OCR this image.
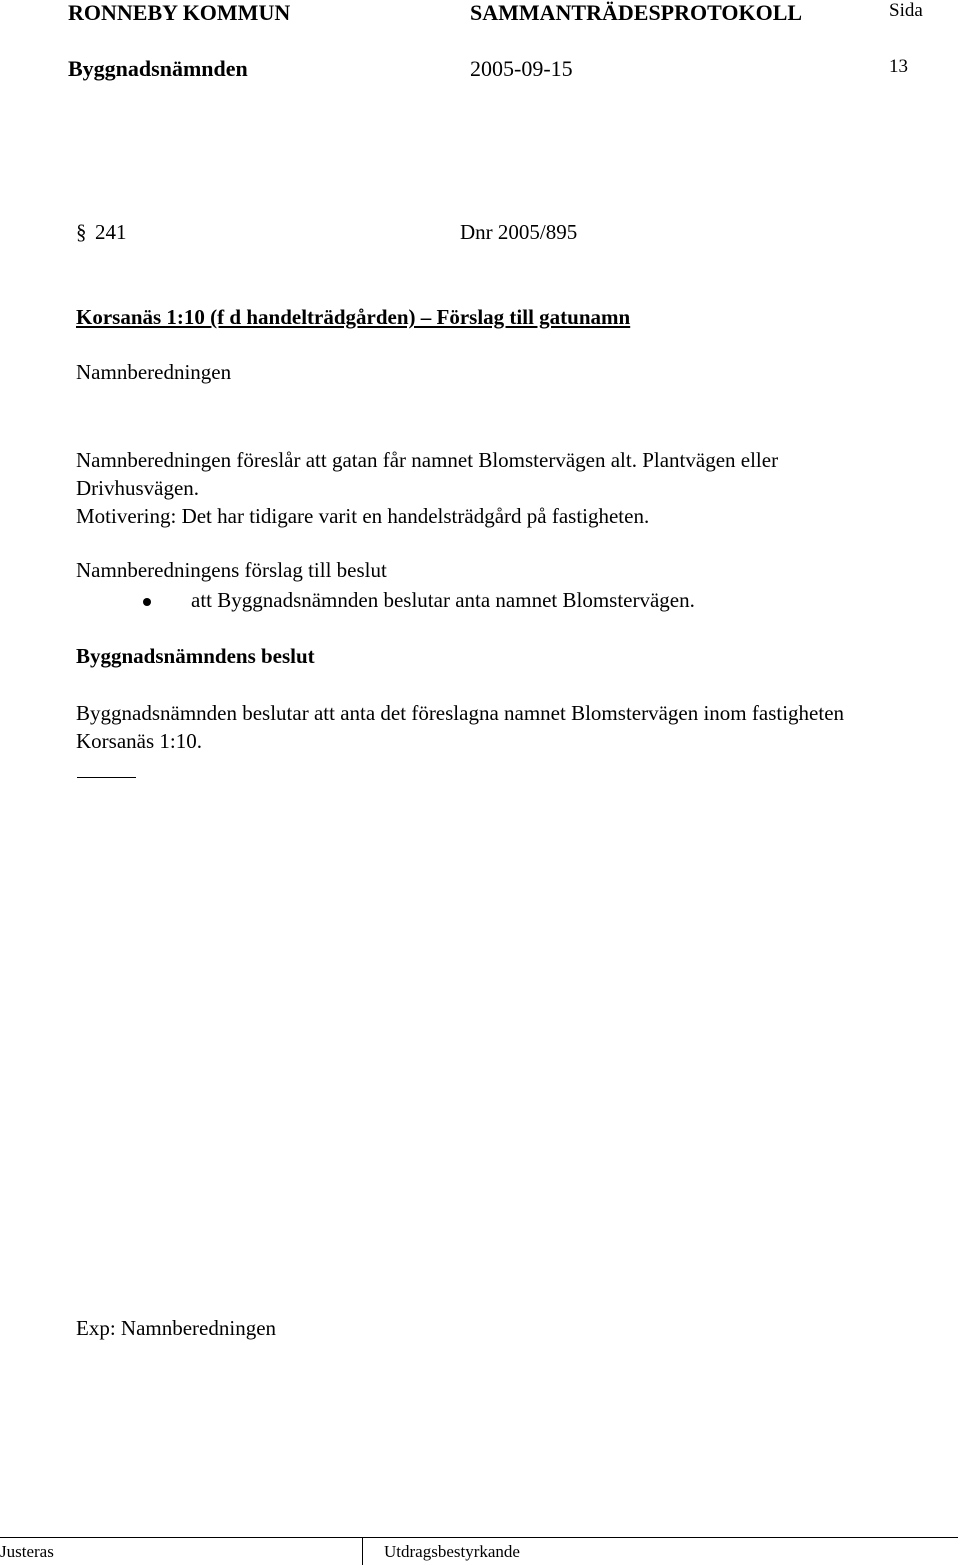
RONNEBY KOMMUN	SAMMANTRÄDESPROTOKOLL	Sida
Byggnadsnämnden	2005-09-15	13
§ 241	Dnr 2005/895
Korsanäs 1:10 (f d handelträdgården) – Förslag till gatunamn
Namnberedningen
Namnberedningen föreslår att gatan får namnet Blomstervägen alt. Plantvägen eller Drivhusvägen.
Motivering: Det har tidigare varit en handelsträdgård på fastigheten.
Namnberedningens förslag till beslut
att Byggnadsnämnden beslutar anta namnet Blomstervägen.
Byggnadsnämndens beslut
Byggnadsnämnden beslutar att anta det föreslagna namnet Blomstervägen inom fastigheten Korsanäs 1:10.
Exp: Namnberedningen
Justeras	Utdragsbestyrkande
